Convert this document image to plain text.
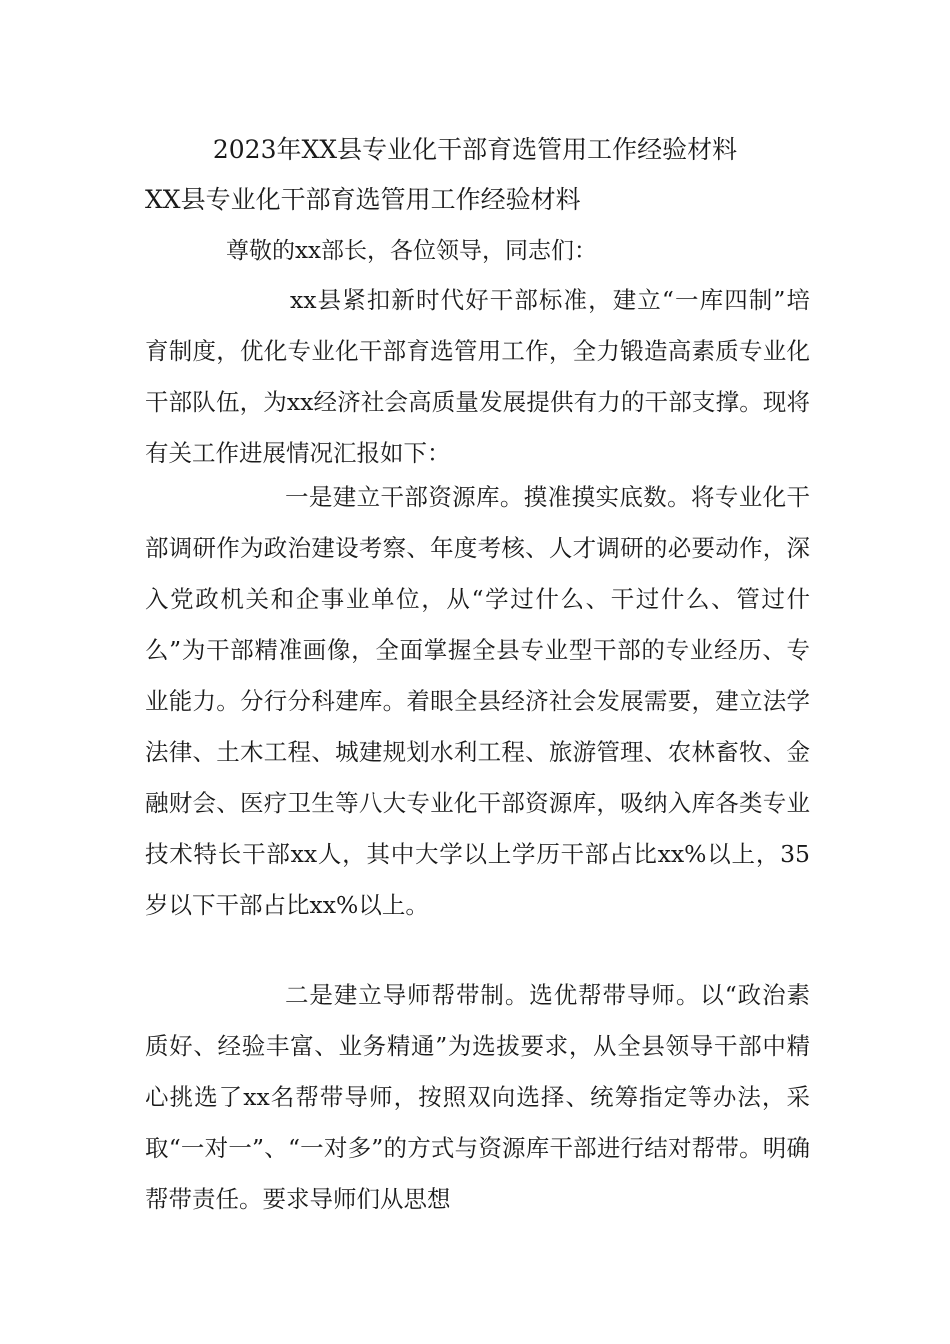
2023年XX县专业化干部育选管用工作经验材料
XX县专业化干部育选管用工作经验材料
尊敬的xx部长，各位领导，同志们：

xx县紧扣新时代好干部标准，建立“一库四制”培育制度，优化专业化干部育选管用工作，全力锻造高素质专业化干部队伍，为xx经济社会高质量发展提供有力的干部支撑。现将有关工作进展情况汇报如下：

一是建立干部资源库。摸准摸实底数。将专业化干部调研作为政治建设考察、年度考核、人才调研的必要动作，深入党政机关和企事业单位，从“学过什么、干过什么、管过什么”为干部精准画像，全面掌握全县专业型干部的专业经历、专业能力。分行分科建库。着眼全县经济社会发展需要，建立法学法律、土木工程、城建规划水利工程、旅游管理、农林畜牧、金融财会、医疗卫生等八大专业化干部资源库，吸纳入库各类专业技术特长干部xx人，其中大学以上学历干部占比xx%以上，35岁以下干部占比xx%以上。

二是建立导师帮带制。选优帮带导师。以“政治素质好、经验丰富、业务精通”为选拔要求，从全县领导干部中精心挑选了xx名帮带导师，按照双向选择、统筹指定等办法，采取“一对一”、“一对多”的方式与资源库干部进行结对帮带。明确帮带责任。要求导师们从思想
